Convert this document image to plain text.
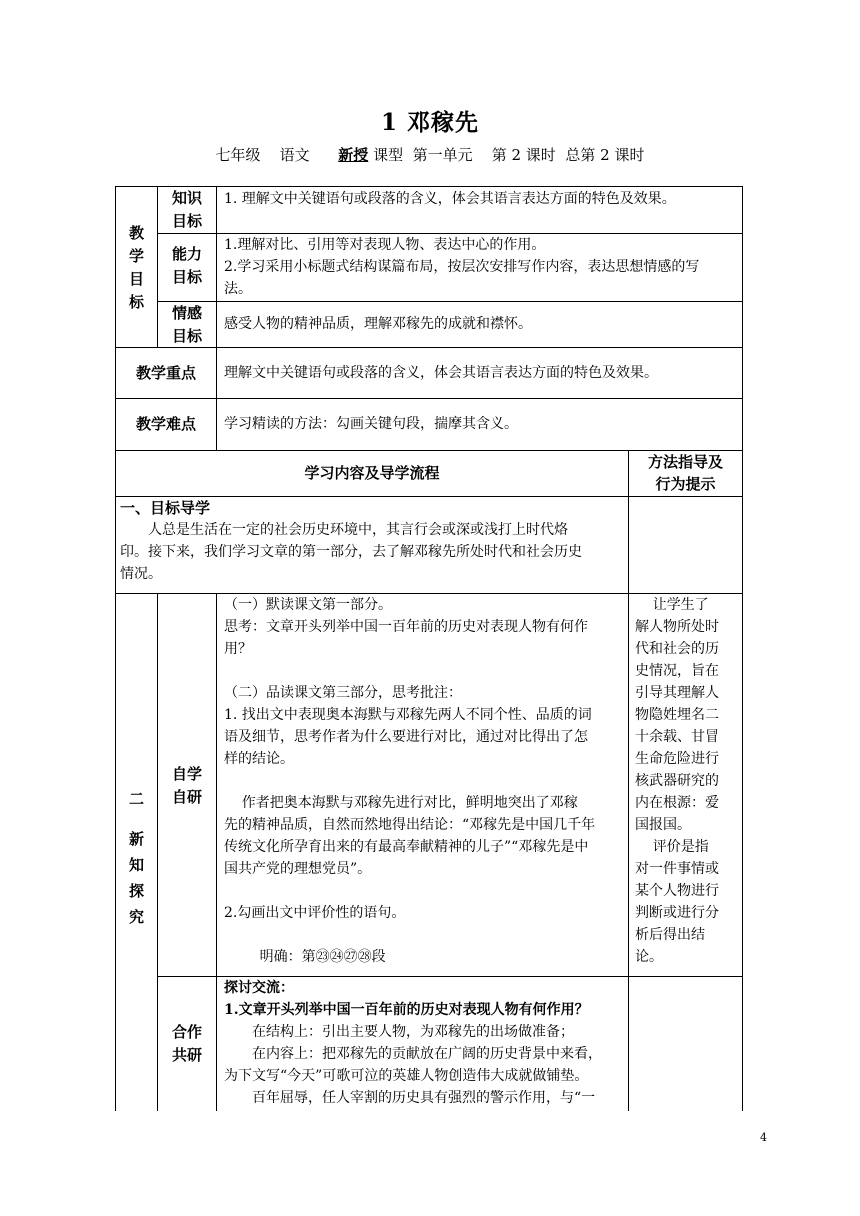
1 邓稼先
七年级 语文 新授 课型 第一单元 第 2 课时 总第 2 课时
教
学
目
标
知识
目标
1. 理解文中关键语句或段落的含义，体会其语言表达方面的特色及效果。
能力
目标
1.理解对比、引用等对表现人物、表达中心的作用。
2.学习采用小标题式结构谋篇布局，按层次安排写作内容，表达思想情感的写
法。
情感
目标
感受人物的精神品质，理解邓稼先的成就和襟怀。
教学重点	理解文中关键语句或段落的含义，体会其语言表达方面的特色及效果。
教学难点	学习精读的方法：勾画关键句段，揣摩其含义。
学习内容及导学流程
方法指导及
行为提示
一、目标导学
人总是生活在一定的社会历史环境中，其言行会或深或浅打上时代烙
印。接下来，我们学习文章的第一部分，去了解邓稼先所处时代和社会历史
情况。
二
新
知
探
究
自学
自研
（一）默读课文第一部分。
思考：文章开头列举中国一百年前的历史对表现人物有何作
用？

（二）品读课文第三部分，思考批注：
1. 找出文中表现奥本海默与邓稼先两人不同个性、品质的词
语及细节，思考作者为什么要进行对比，通过对比得出了怎
样的结论。

作者把奥本海默与邓稼先进行对比，鲜明地突出了邓稼
先的精神品质，自然而然地得出结论：“邓稼先是中国几千年
传统文化所孕育出来的有最高奉献精神的儿子”“邓稼先是中
国共产党的理想党员”。

2.勾画出文中评价性的语句。

明确：第㉓㉔㉗㉘段
让学生了
解人物所处时
代和社会的历
史情况，旨在
引导其理解人
物隐姓埋名二
十余载、甘冒
生命危险进行
核武器研究的
内在根源：爱
国报国。
评价是指
对一件事情或
某个人物进行
判断或进行分
析后得出结
论。
合作
共研
探讨交流：
1.文章开头列举中国一百年前的历史对表现人物有何作用？
在结构上：引出主要人物，为邓稼先的出场做准备；
在内容上：把邓稼先的贡献放在广阔的历史背景中来看，
为下文写“今天”可歌可泣的英雄人物创造伟大成就做铺垫。
百年屈辱，任人宰割的历史具有强烈的警示作用，与“一
4
